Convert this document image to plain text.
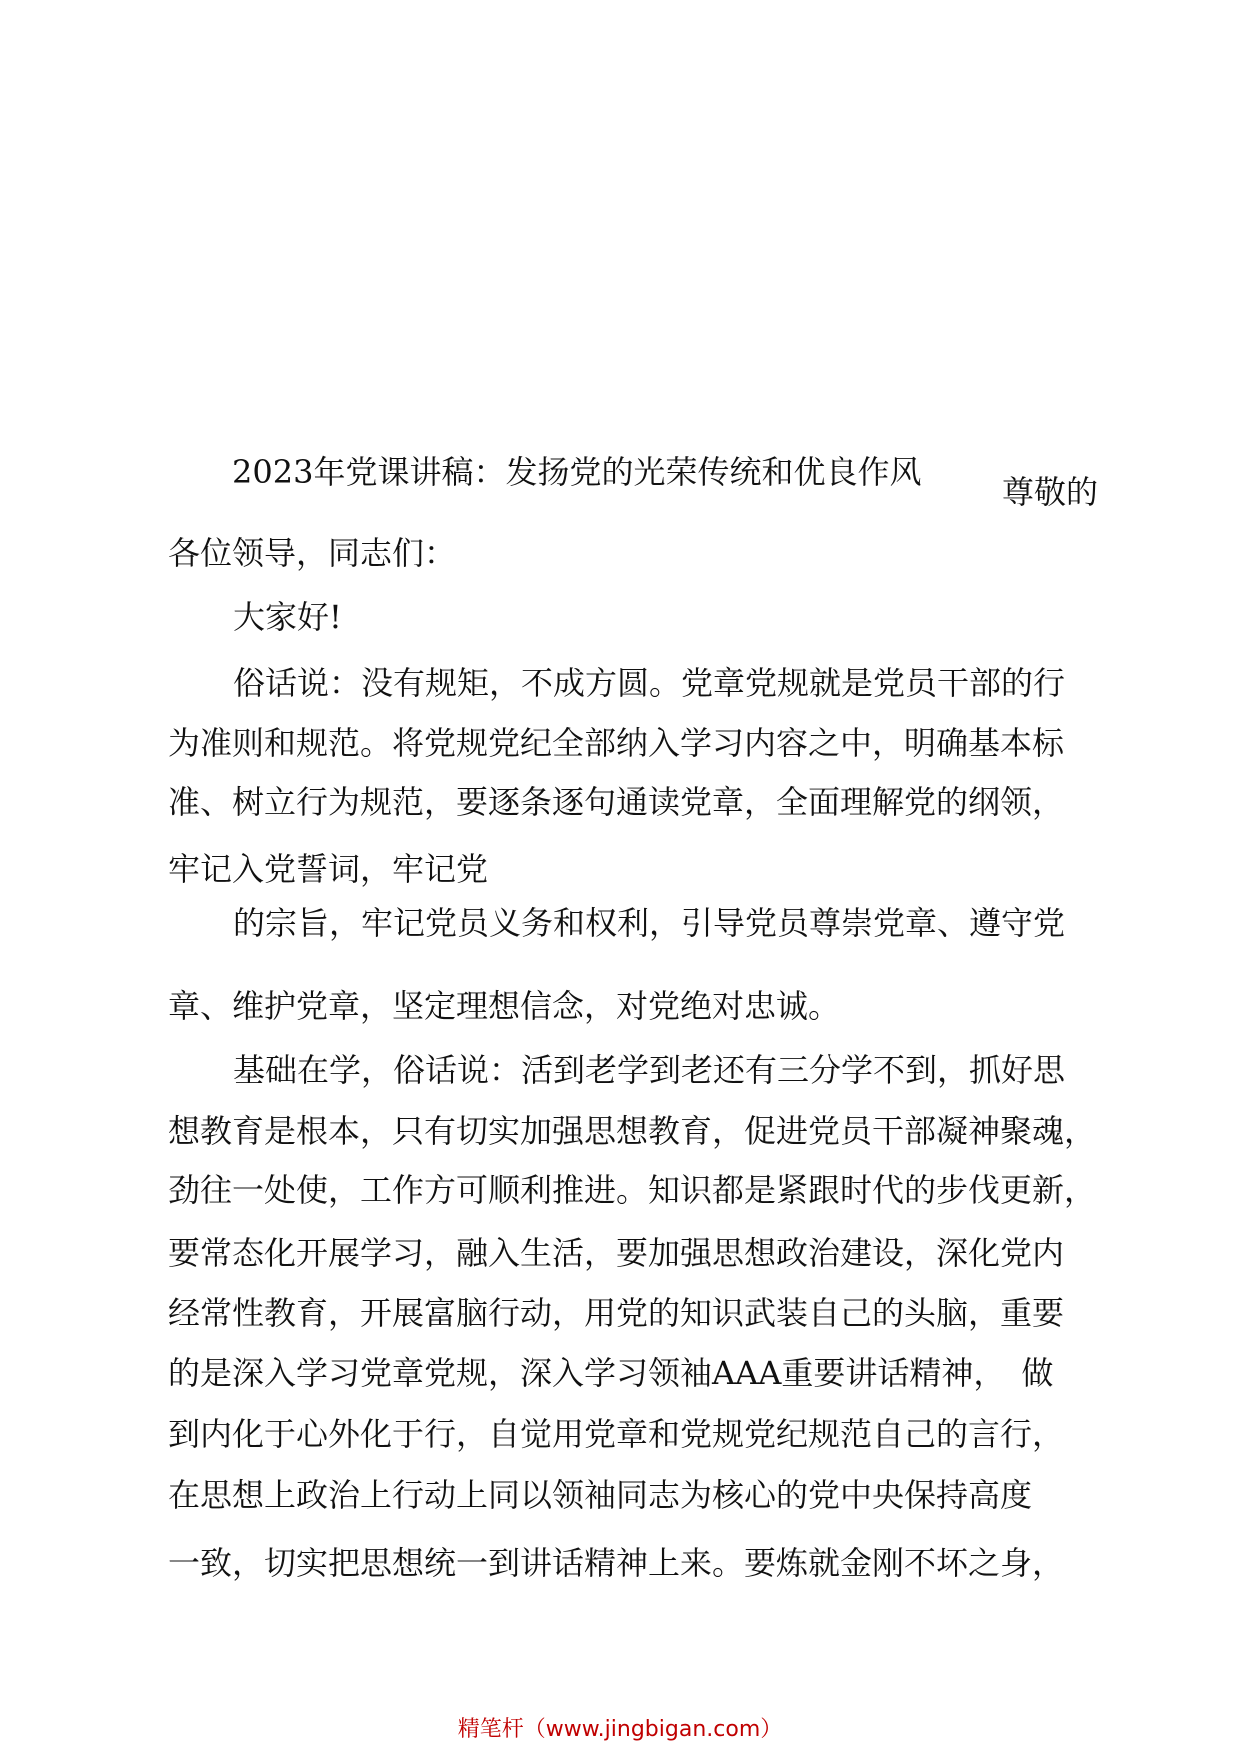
2023年党课讲稿：发扬党的光荣传统和优良作风
尊敬的
各位领导，同志们：
大家好!
俗话说：没有规矩，不成方圆。党章党规就是党员干部的行
为准则和规范。将党规党纪全部纳入学习内容之中，明确基本标
准、树立行为规范，要逐条逐句通读党章，全面理解党的纲领，
牢记入党誓词，牢记党
的宗旨，牢记党员义务和权利，引导党员尊崇党章、遵守党
章、维护党章，坚定理想信念，对党绝对忠诚。
基础在学，俗话说：活到老学到老还有三分学不到，抓好思
想教育是根本，只有切实加强思想教育，促进党员干部凝神聚魂，
劲往一处使，工作方可顺利推进。知识都是紧跟时代的步伐更新，
要常态化开展学习，融入生活，要加强思想政治建设，深化党内
经常性教育，开展富脑行动，用党的知识武装自己的头脑，重要
的是深入学习党章党规，深入学习领袖AAA重要讲话精神，　做
到内化于心外化于行，自觉用党章和党规党纪规范自己的言行，
在思想上政治上行动上同以领袖同志为核心的党中央保持高度
一致，切实把思想统一到讲话精神上来。要炼就金刚不坏之身，
精笔杆（www.jingbigan.com）
